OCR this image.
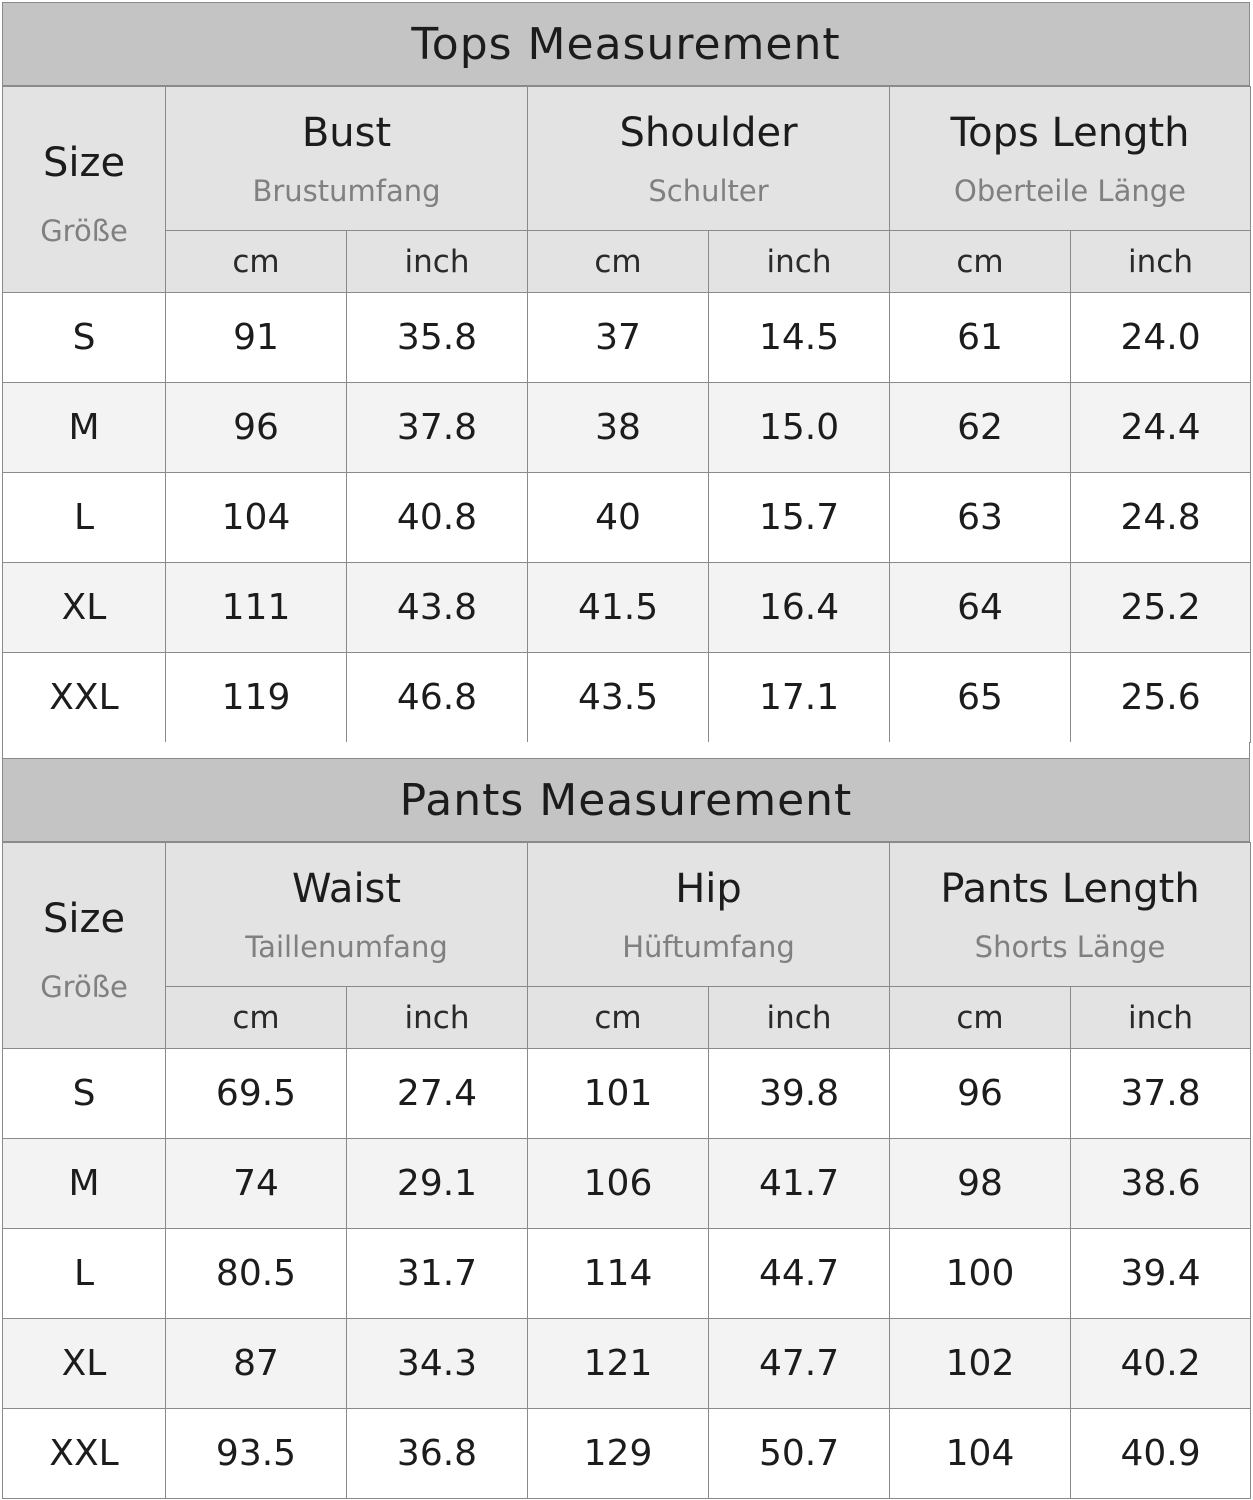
Tops Measurement
Size
Größe	Bust
Brustumfang		Shoulder
Schulter		Tops Length
Oberteile Länge	

	cm	inch	cm	inch	cm	inch
S	91	35.8	37	14.5	61	24.0
M	96	37.8	38	15.0	62	24.4
L	104	40.8	40	15.7	63	24.8
XL	111	43.8	41.5	16.4	64	25.2
XXL	119	46.8	43.5	17.1	65	25.6
Pants Measurement
Size
Größe	Waist
Taillenumfang		Hip
Hüftumfang		Pants Length
Shorts Länge	

	cm	inch	cm	inch	cm	inch
S	69.5	27.4	101	39.8	96	37.8
M	74	29.1	106	41.7	98	38.6
L	80.5	31.7	114	44.7	100	39.4
XL	87	34.3	121	47.7	102	40.2
XXL	93.5	36.8	129	50.7	104	40.9
